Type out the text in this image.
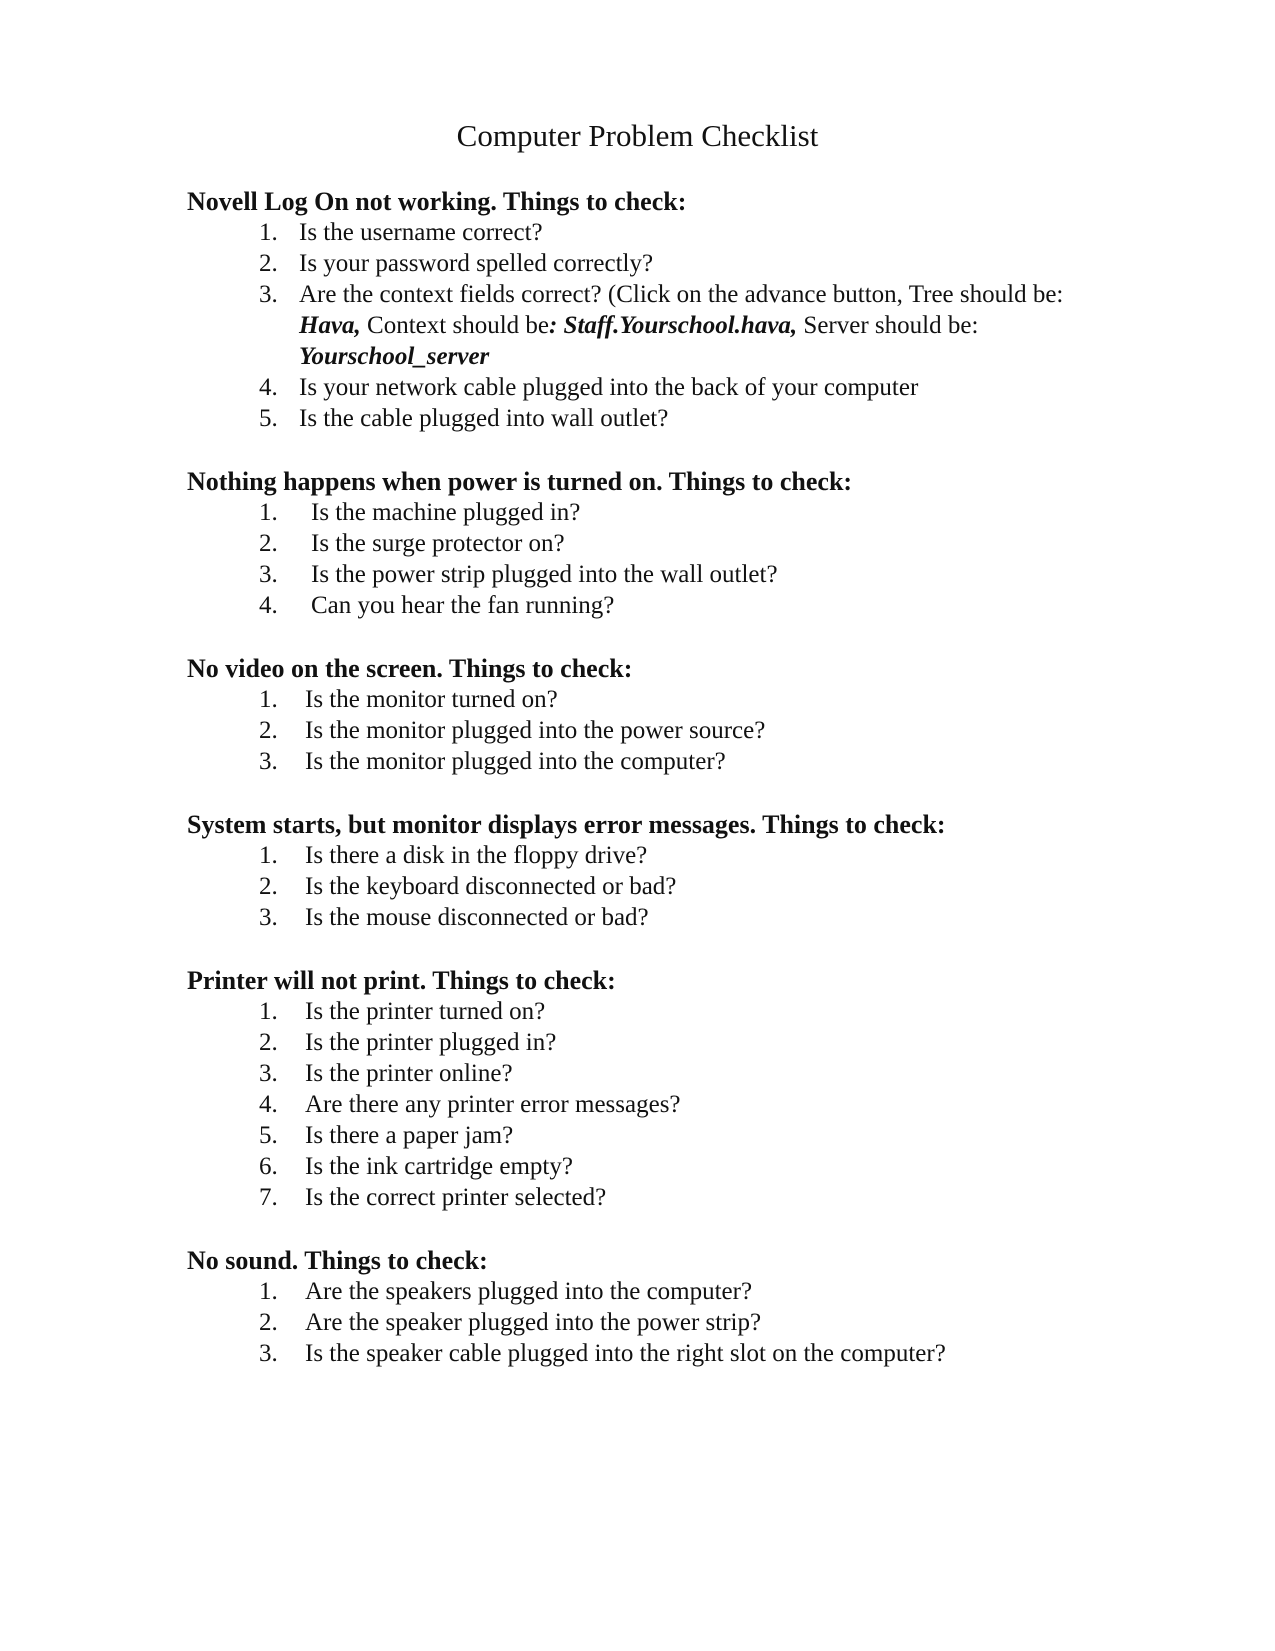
Computer Problem Checklist

Novell Log On not working. Things to check:

1. Is the username correct?
2. Is your password spelled correctly?
3. Are the context fields correct? (Click on the advance button, Tree should be: Hava, Context should be: Staff.Yourschool.hava, Server should be: Yourschool_server
4. Is your network cable plugged into the back of your computer
5. Is the cable plugged into wall outlet?

Nothing happens when power is turned on. Things to check:

1. Is the machine plugged in?
2. Is the surge protector on?
3. Is the power strip plugged into the wall outlet?
4. Can you hear the fan running?

No video on the screen. Things to check:

1. Is the monitor turned on?
2. Is the monitor plugged into the power source?
3. Is the monitor plugged into the computer?

System starts, but monitor displays error messages. Things to check:

1. Is there a disk in the floppy drive?
2. Is the keyboard disconnected or bad?
3. Is the mouse disconnected or bad?

Printer will not print. Things to check:

1. Is the printer turned on?
2. Is the printer plugged in?
3. Is the printer online?
4. Are there any printer error messages?
5. Is there a paper jam?
6. Is the ink cartridge empty?
7. Is the correct printer selected?

No sound. Things to check:

1. Are the speakers plugged into the computer?
2. Are the speaker plugged into the power strip?
3. Is the speaker cable plugged into the right slot on the computer?
